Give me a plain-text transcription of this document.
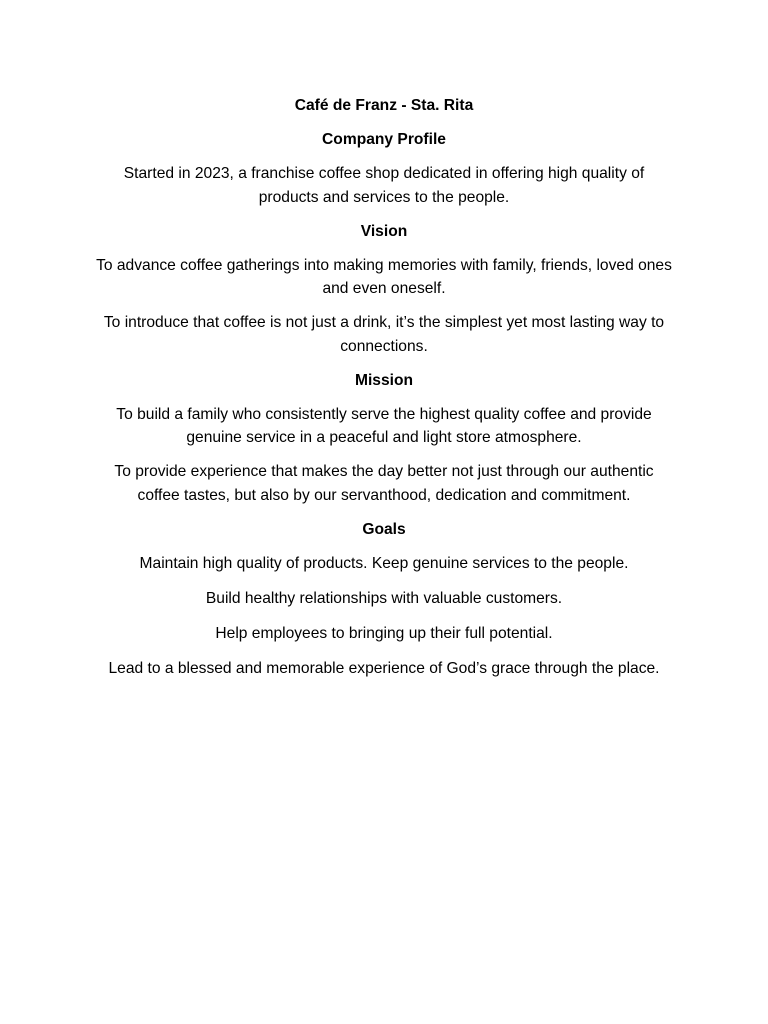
Café de Franz - Sta. Rita

Company Profile

Started in 2023, a franchise coffee shop dedicated in offering high quality of products and services to the people.

Vision

To advance coffee gatherings into making memories with family, friends, loved ones and even oneself.

To introduce that coffee is not just a drink, it’s the simplest yet most lasting way to connections.

Mission

To build a family who consistently serve the highest quality coffee and provide genuine service in a peaceful and light store atmosphere.

To provide experience that makes the day better not just through our authentic coffee tastes, but also by our servanthood, dedication and commitment.

Goals

Maintain high quality of products. Keep genuine services to the people.

Build healthy relationships with valuable customers.

Help employees to bringing up their full potential.

Lead to a blessed and memorable experience of God’s grace through the place.
